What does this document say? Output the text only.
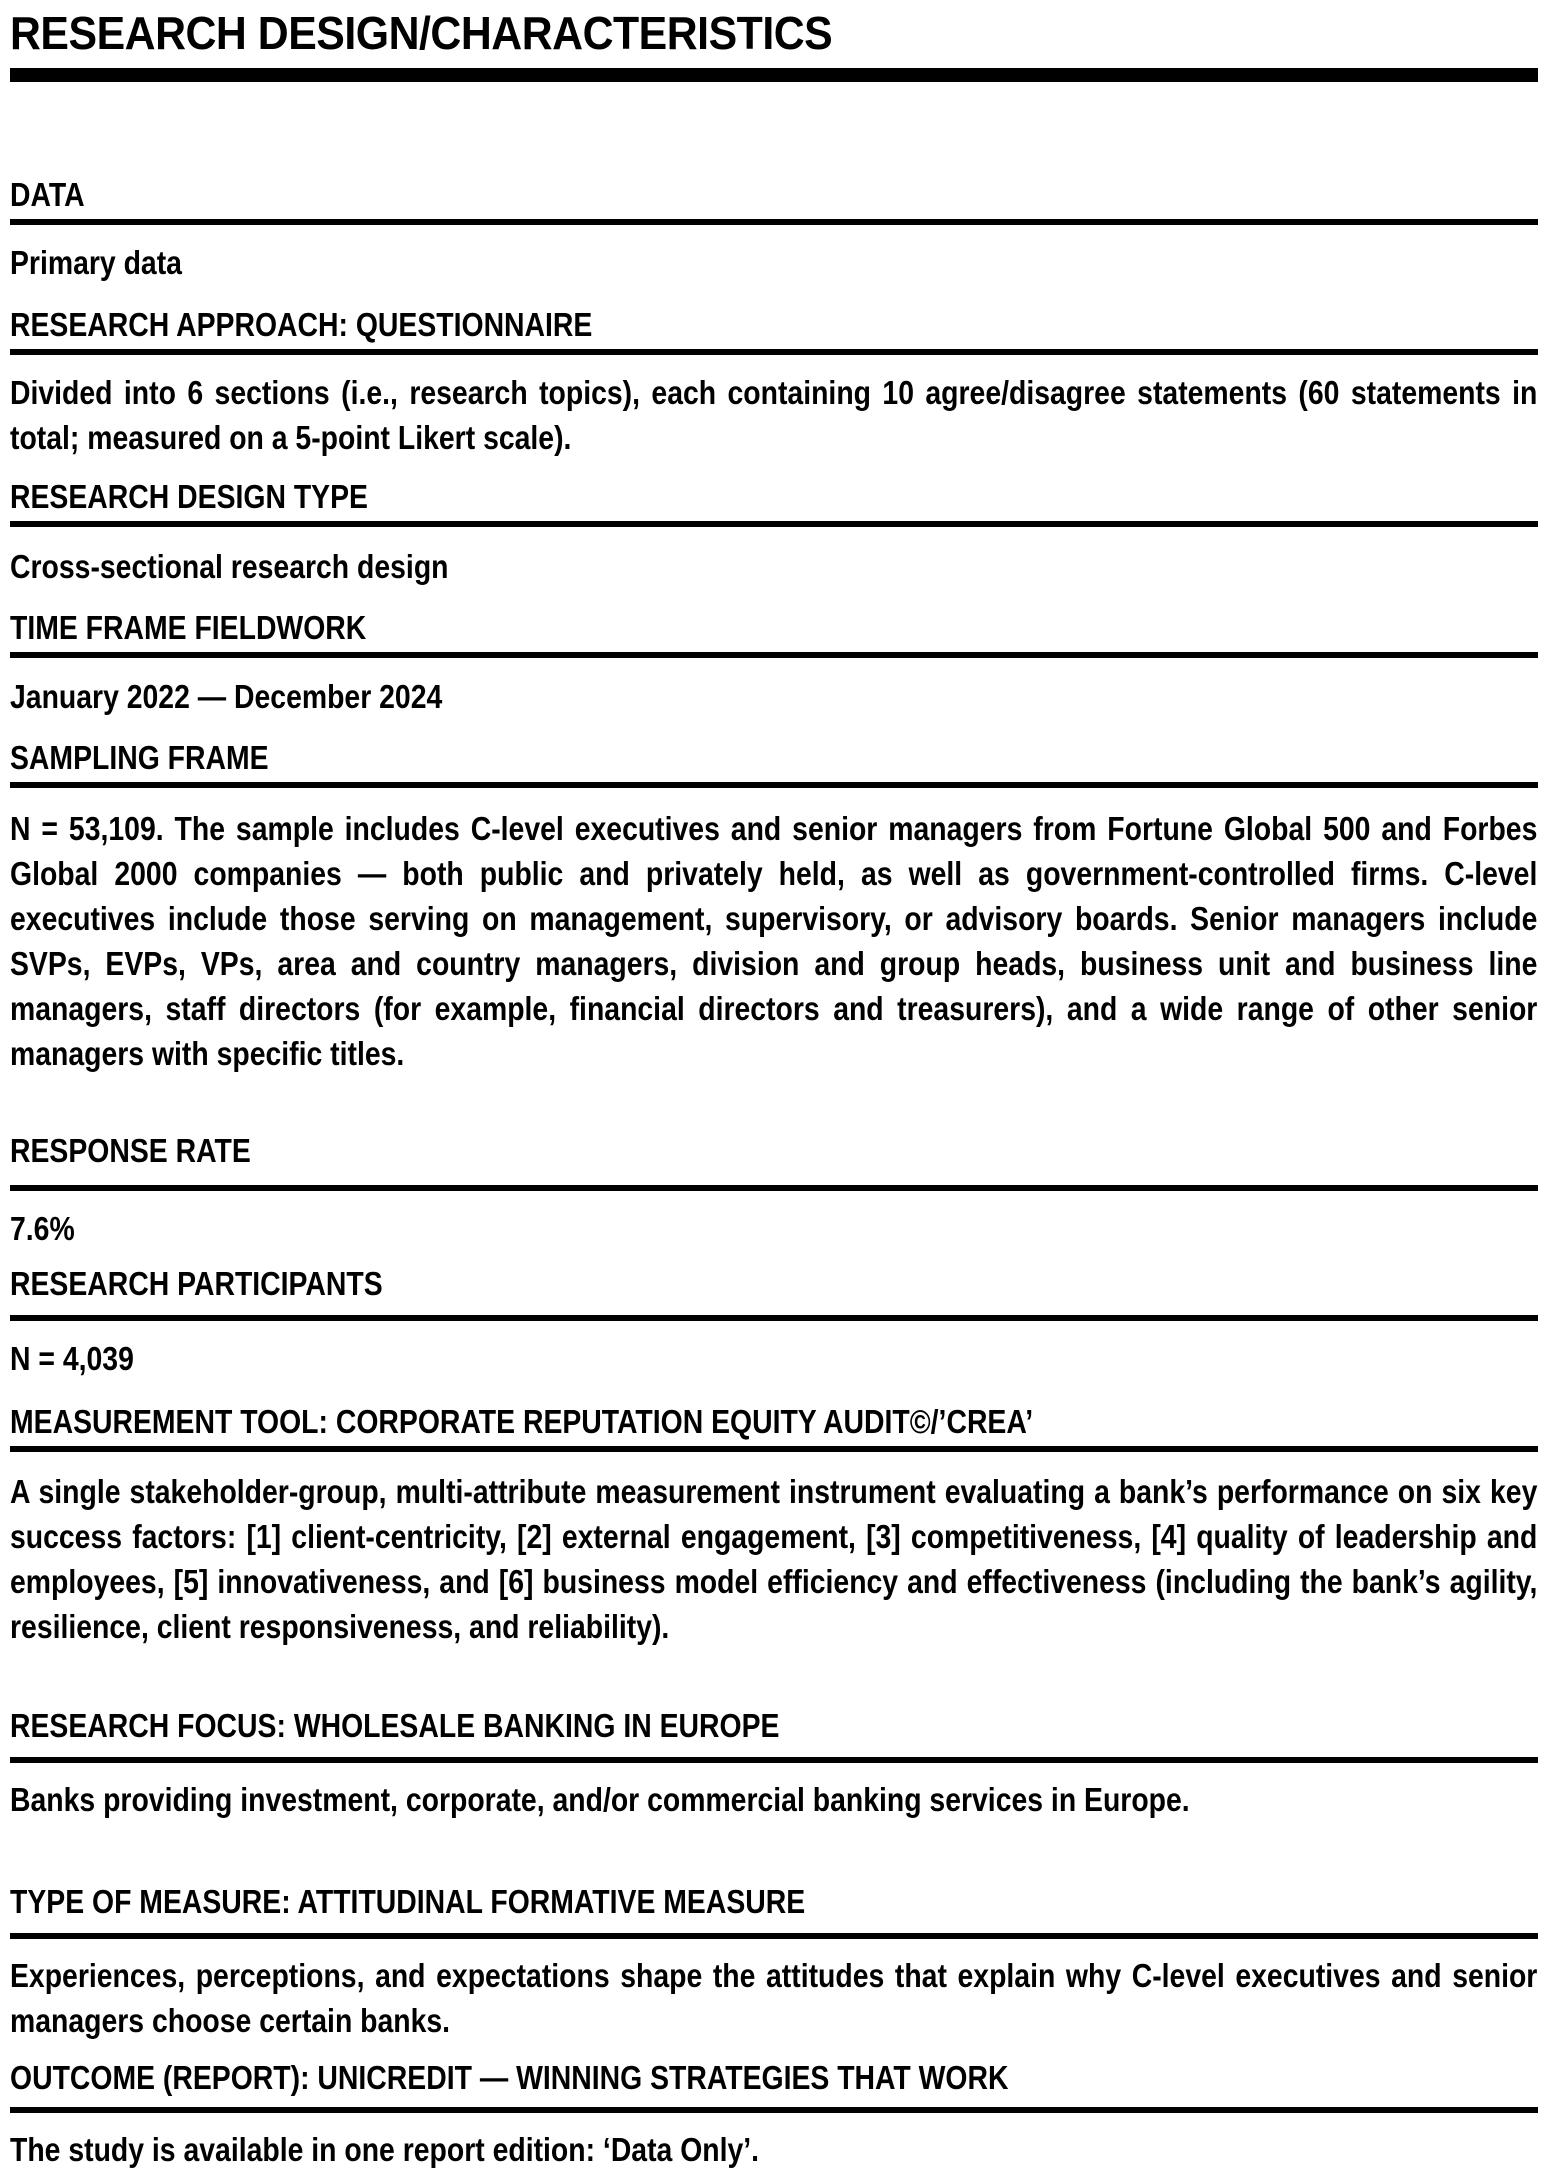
RESEARCH DESIGN/CHARACTERISTICS
DATA
Primary data
RESEARCH APPROACH: QUESTIONNAIRE
Divided into 6 sections (i.e., research topics), each containing 10 agree/disagree statements (60 statements in total; measured on a 5-point Likert scale).
RESEARCH DESIGN TYPE
Cross-sectional research design
TIME FRAME FIELDWORK
January 2022 — December 2024
SAMPLING FRAME
N = 53,109. The sample includes C-level executives and senior managers from Fortune Global 500 and Forbes Global 2000 companies — both public and privately held, as well as government-controlled firms. C-level executives include those serving on management, supervisory, or advisory boards. Senior managers include SVPs, EVPs, VPs, area and country managers, division and group heads, business unit and business line managers, staff directors (for example, financial directors and treasurers), and a wide range of other senior managers with specific titles.
RESPONSE RATE
7.6%
RESEARCH PARTICIPANTS
N = 4,039
MEASUREMENT TOOL: CORPORATE REPUTATION EQUITY AUDIT©/’CREA’
A single stakeholder-group, multi-attribute measurement instrument evaluating a bank’s performance on six key success factors: [1] client-centricity, [2] external engagement, [3] competitiveness, [4] quality of leadership and employees, [5] innovativeness, and [6] business model efficiency and effectiveness (including the bank’s agility, resilience, client responsiveness, and reliability).
RESEARCH FOCUS: WHOLESALE BANKING IN EUROPE
Banks providing investment, corporate, and/or commercial banking services in Europe.
TYPE OF MEASURE: ATTITUDINAL FORMATIVE MEASURE
Experiences, perceptions, and expectations shape the attitudes that explain why C-level executives and senior managers choose certain banks.
OUTCOME (REPORT): UNICREDIT — WINNING STRATEGIES THAT WORK
The study is available in one report edition: ‘Data Only’.
